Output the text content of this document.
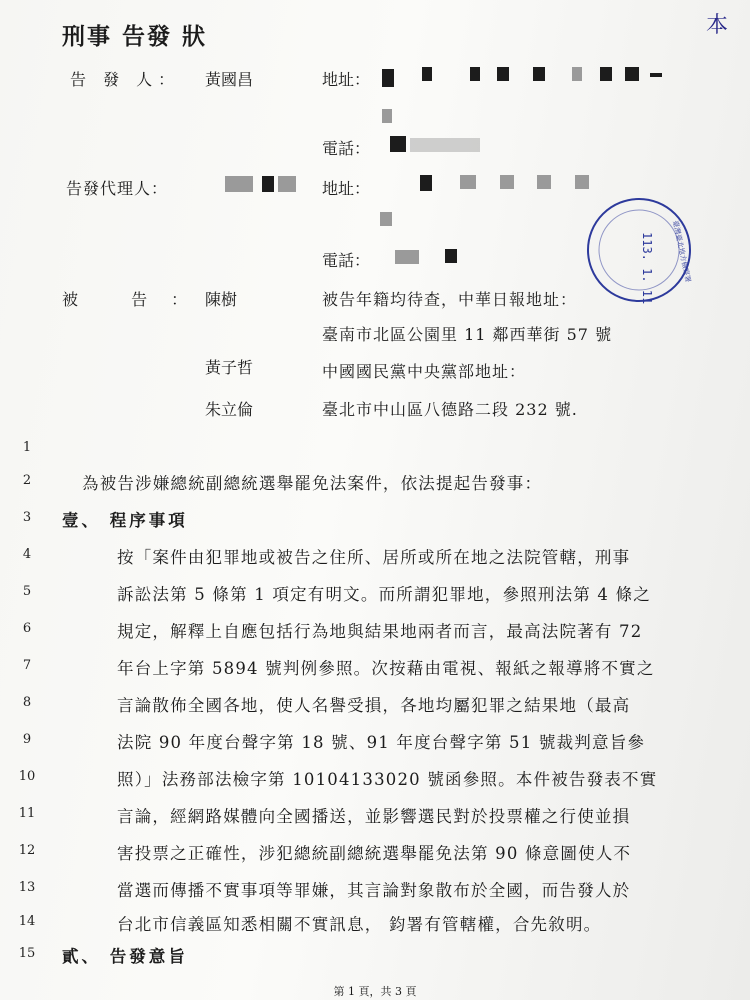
本
刑事 告發 狀
告 發 人： 黃國昌	地址：
電話：
告發代理人：	地址：
電話：
被 告：
陳樹
黃子哲
朱立倫
被告年籍均待查，中華日報地址：
臺南市北區公園里 11 鄰西華街 57 號
中國國民黨中央黨部地址：
臺北市中山區八德路二段 232 號.
113. 1. 11 臺灣臺北地方檢察署
1
2
3
4
5
6
7
8
9
10
11
12
13
14
15
為被告涉嫌總統副總統選舉罷免法案件，依法提起告發事：
壹、 程序事項
按「案件由犯罪地或被告之住所、居所或所在地之法院管轄，刑事
訴訟法第 5 條第 1 項定有明文。而所謂犯罪地，參照刑法第 4 條之
規定，解釋上自應包括行為地與結果地兩者而言，最高法院著有 72
年台上字第 5894 號判例參照。次按藉由電視、報紙之報導將不實之
言論散佈全國各地，使人名譽受損，各地均屬犯罪之結果地（最高
法院 90 年度台聲字第 18 號、91 年度台聲字第 51 號裁判意旨參
照）」法務部法檢字第 10104133020 號函參照。本件被告發表不實
言論，經網路媒體向全國播送，並影響選民對於投票權之行使並損
害投票之正確性，涉犯總統副總統選舉罷免法第 90 條意圖使人不
當選而傳播不實事項等罪嫌，其言論對象散布於全國，而告發人於
台北市信義區知悉相關不實訊息， 鈞署有管轄權，合先敘明。
貳、 告發意旨
第 1 頁，共 3 頁
